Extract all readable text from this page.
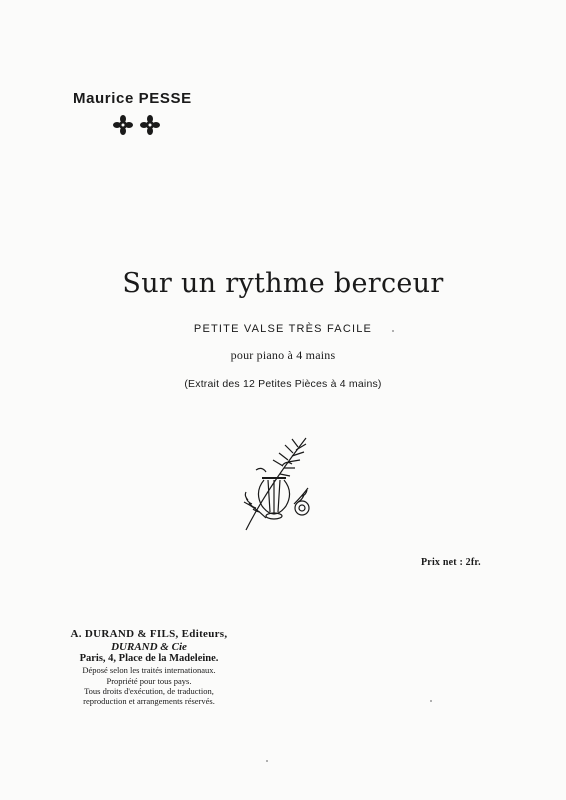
Maurice PESSE
Sur un rythme berceur
PETITE VALSE TRÈS FACILE
pour piano à 4 mains
(Extrait des 12 Petites Pièces à 4 mains)
Prix net : 2fr.
A. DURAND & FILS, Editeurs,
DURAND & Cie
Paris, 4, Place de la Madeleine.
Déposé selon les traités internationaux.
Propriété pour tous pays.
Tous droits d'exécution, de traduction,
reproduction et arrangements réservés.
